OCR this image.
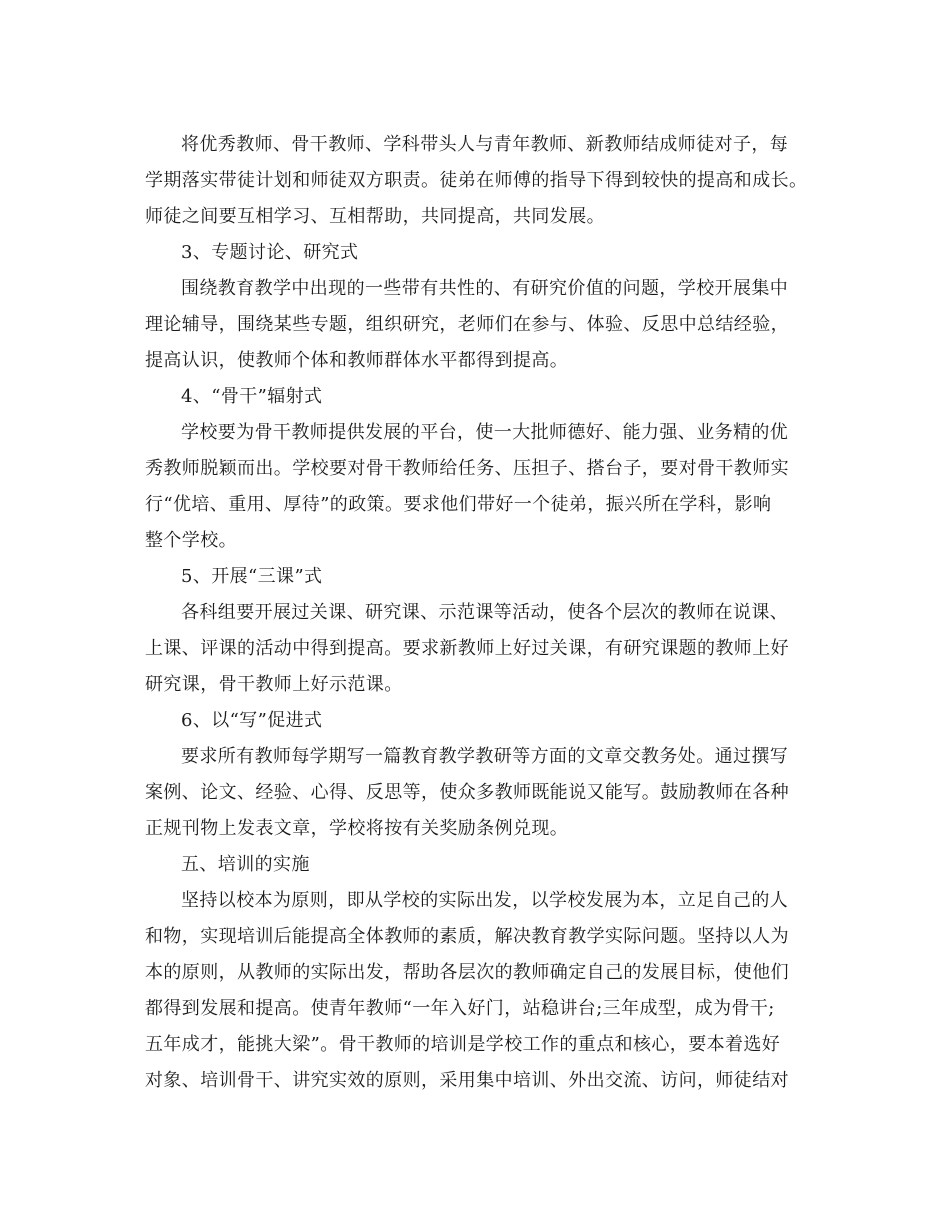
将优秀教师、骨干教师、学科带头人与青年教师、新教师结成师徒对子，每
学期落实带徒计划和师徒双方职责。徒弟在师傅的指导下得到较快的提高和成长。
师徒之间要互相学习、互相帮助，共同提高，共同发展。
3、专题讨论、研究式
围绕教育教学中出现的一些带有共性的、有研究价值的问题，学校开展集中
理论辅导，围绕某些专题，组织研究，老师们在参与、体验、反思中总结经验，
提高认识，使教师个体和教师群体水平都得到提高。
4、“骨干”辐射式
学校要为骨干教师提供发展的平台，使一大批师德好、能力强、业务精的优
秀教师脱颖而出。学校要对骨干教师给任务、压担子、搭台子，要对骨干教师实
行“优培、重用、厚待”的政策。要求他们带好一个徒弟，振兴所在学科，影响
整个学校。
5、开展“三课”式
各科组要开展过关课、研究课、示范课等活动，使各个层次的教师在说课、
上课、评课的活动中得到提高。要求新教师上好过关课，有研究课题的教师上好
研究课，骨干教师上好示范课。
6、以“写”促进式
要求所有教师每学期写一篇教育教学教研等方面的文章交教务处。通过撰写
案例、论文、经验、心得、反思等，使众多教师既能说又能写。鼓励教师在各种
正规刊物上发表文章，学校将按有关奖励条例兑现。
五、培训的实施
坚持以校本为原则，即从学校的实际出发，以学校发展为本，立足自己的人
和物，实现培训后能提高全体教师的素质，解决教育教学实际问题。坚持以人为
本的原则，从教师的实际出发，帮助各层次的教师确定自己的发展目标，使他们
都得到发展和提高。使青年教师“一年入好门，站稳讲台;三年成型，成为骨干;
五年成才，能挑大梁”。骨干教师的培训是学校工作的重点和核心，要本着选好
对象、培训骨干、讲究实效的原则，采用集中培训、外出交流、访问，师徒结对
